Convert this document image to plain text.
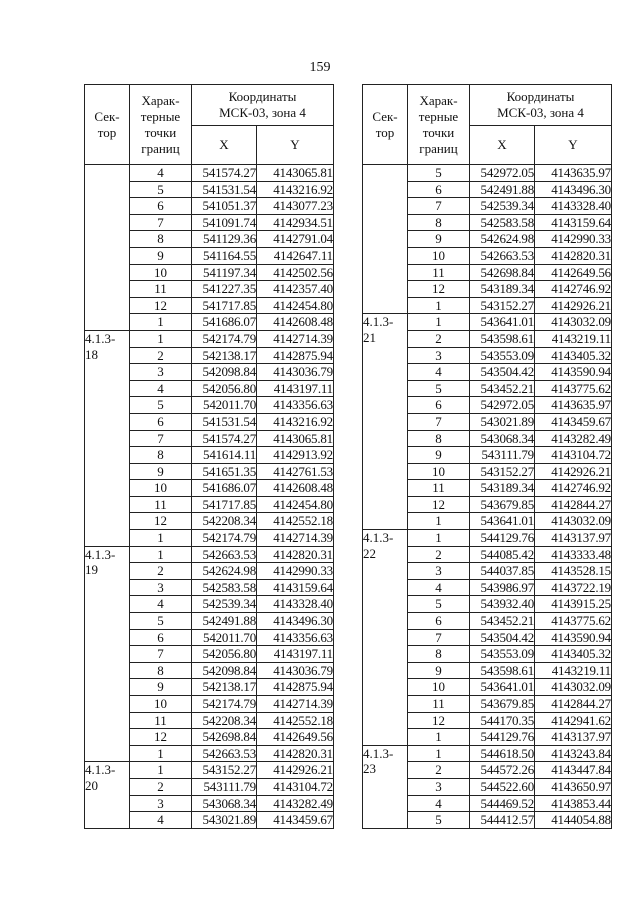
159
Сек-
тор	Харак-
терные
точки
границ	Координаты
МСК-03, зона 4	
		X	Y
	4	541574.27	4143065.81
	5	541531.54	4143216.92
	6	541051.37	4143077.23
	7	541091.74	4142934.51
	8	541129.36	4142791.04
	9	541164.55	4142647.11
	10	541197.34	4142502.56
	11	541227.35	4142357.40
	12	541717.85	4142454.80
	1	541686.07	4142608.48
4.1.3-
18	1	542174.79	4142714.39
	2	542138.17	4142875.94
	3	542098.84	4143036.79
	4	542056.80	4143197.11
	5	542011.70	4143356.63
	6	541531.54	4143216.92
	7	541574.27	4143065.81
	8	541614.11	4142913.92
	9	541651.35	4142761.53
	10	541686.07	4142608.48
	11	541717.85	4142454.80
	12	542208.34	4142552.18
	1	542174.79	4142714.39
4.1.3-
19	1	542663.53	4142820.31
	2	542624.98	4142990.33
	3	542583.58	4143159.64
	4	542539.34	4143328.40
	5	542491.88	4143496.30
	6	542011.70	4143356.63
	7	542056.80	4143197.11
	8	542098.84	4143036.79
	9	542138.17	4142875.94
	10	542174.79	4142714.39
	11	542208.34	4142552.18
	12	542698.84	4142649.56
	1	542663.53	4142820.31
4.1.3-
20	1	543152.27	4142926.21
	2	543111.79	4143104.72
	3	543068.34	4143282.49
	4	543021.89	4143459.67
Сек-
тор	Харак-
терные
точки
границ	Координаты
МСК-03, зона 4	
		X	Y
	5	542972.05	4143635.97
	6	542491.88	4143496.30
	7	542539.34	4143328.40
	8	542583.58	4143159.64
	9	542624.98	4142990.33
	10	542663.53	4142820.31
	11	542698.84	4142649.56
	12	543189.34	4142746.92
	1	543152.27	4142926.21
4.1.3-
21	1	543641.01	4143032.09
	2	543598.61	4143219.11
	3	543553.09	4143405.32
	4	543504.42	4143590.94
	5	543452.21	4143775.62
	6	542972.05	4143635.97
	7	543021.89	4143459.67
	8	543068.34	4143282.49
	9	543111.79	4143104.72
	10	543152.27	4142926.21
	11	543189.34	4142746.92
	12	543679.85	4142844.27
	1	543641.01	4143032.09
4.1.3-
22	1	544129.76	4143137.97
	2	544085.42	4143333.48
	3	544037.85	4143528.15
	4	543986.97	4143722.19
	5	543932.40	4143915.25
	6	543452.21	4143775.62
	7	543504.42	4143590.94
	8	543553.09	4143405.32
	9	543598.61	4143219.11
	10	543641.01	4143032.09
	11	543679.85	4142844.27
	12	544170.35	4142941.62
	1	544129.76	4143137.97
4.1.3-
23	1	544618.50	4143243.84
	2	544572.26	4143447.84
	3	544522.60	4143650.97
	4	544469.52	4143853.44
	5	544412.57	4144054.88
